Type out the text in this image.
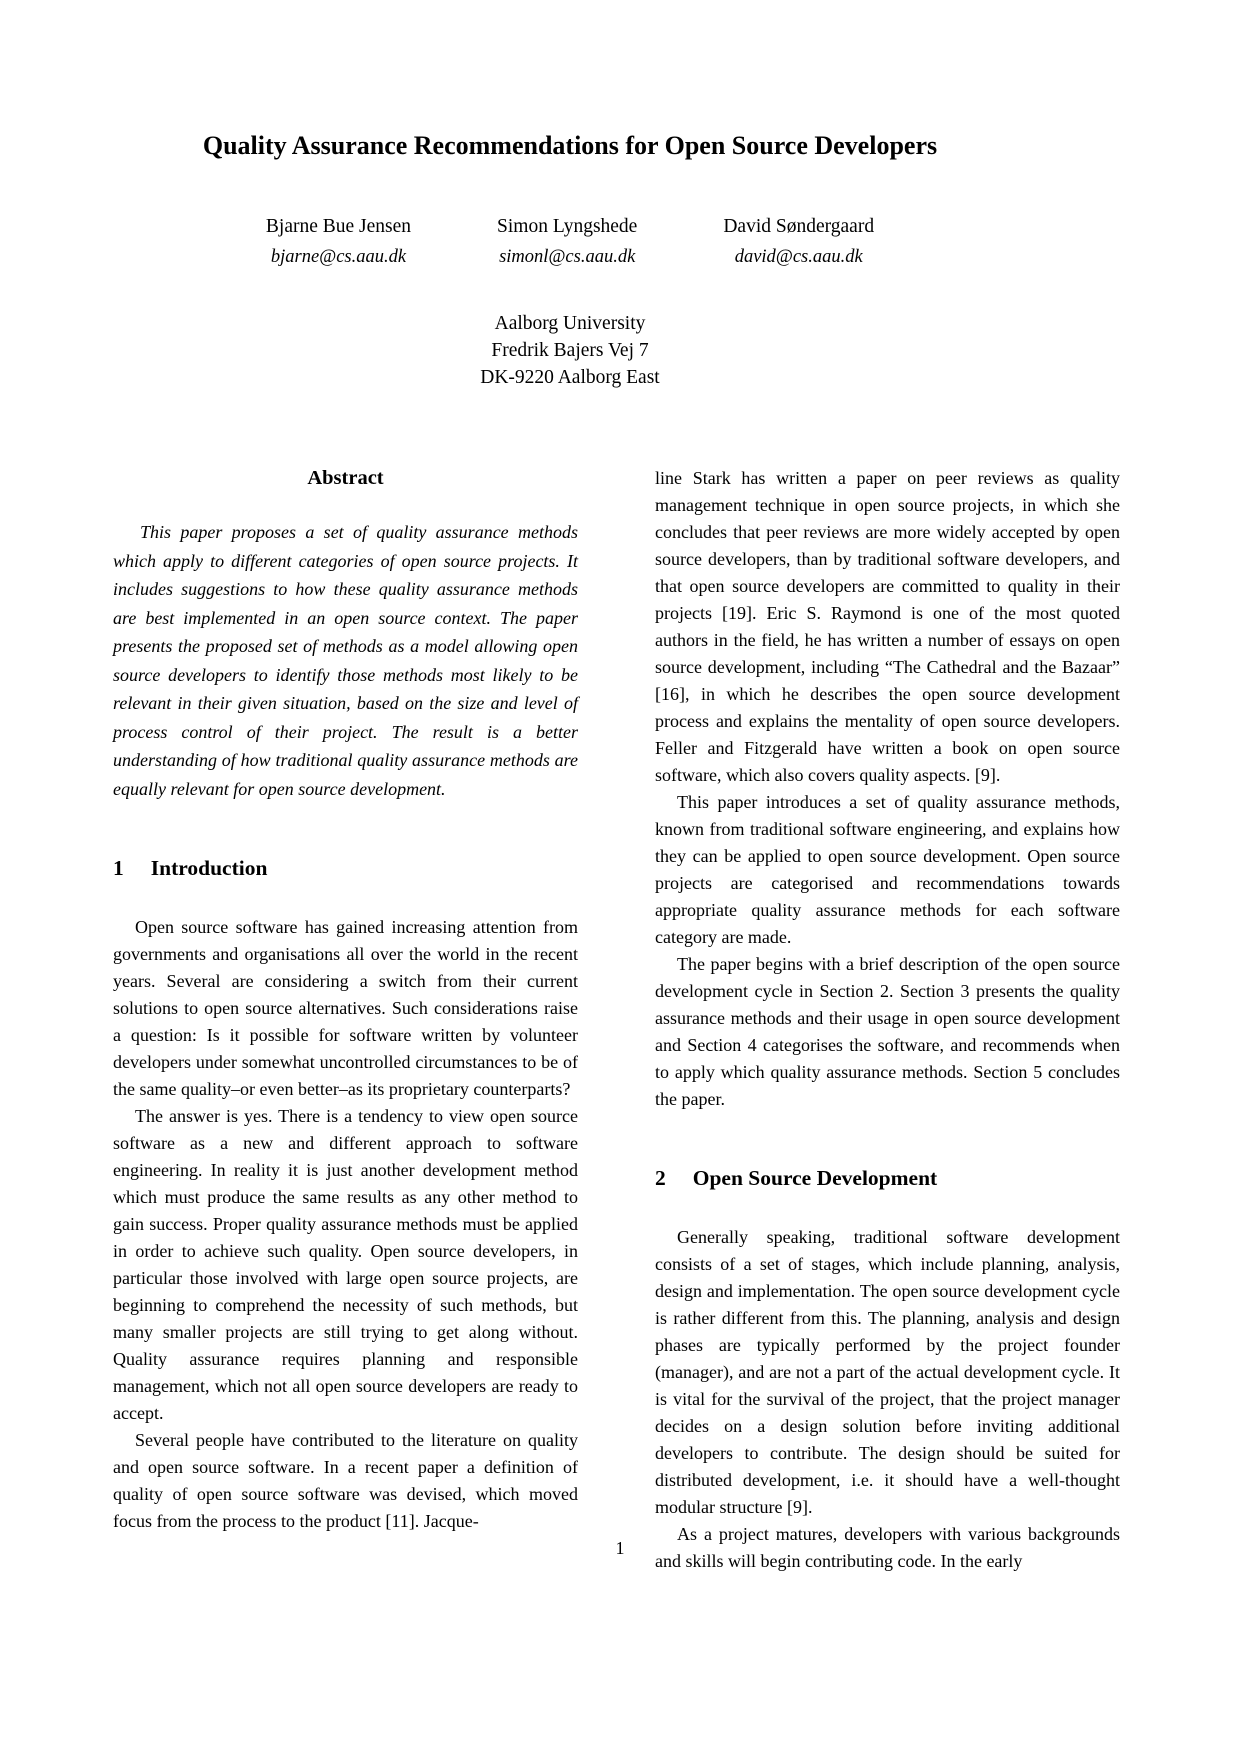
Quality Assurance Recommendations for Open Source Developers
Bjarne Bue Jensen
bjarne@cs.aau.dk
Simon Lyngshede
simonl@cs.aau.dk
David Søndergaard
david@cs.aau.dk
Aalborg University
Fredrik Bajers Vej 7
DK-9220 Aalborg East
Abstract

This paper proposes a set of quality assurance methods which apply to different categories of open source projects. It includes suggestions to how these quality assurance methods are best implemented in an open source context. The paper presents the proposed set of methods as a model allowing open source developers to identify those methods most likely to be relevant in their given situation, based on the size and level of process control of their project. The result is a better understanding of how traditional quality assurance methods are equally relevant for open source development.

1 Introduction

Open source software has gained increasing attention from governments and organisations all over the world in the recent years. Several are considering a switch from their current solutions to open source alternatives. Such considerations raise a question: Is it possible for software written by volunteer developers under somewhat uncontrolled circumstances to be of the same quality–or even better–as its proprietary counterparts?

The answer is yes. There is a tendency to view open source software as a new and different approach to software engineering. In reality it is just another development method which must produce the same results as any other method to gain success. Proper quality assurance methods must be applied in order to achieve such quality. Open source developers, in particular those involved with large open source projects, are beginning to comprehend the necessity of such methods, but many smaller projects are still trying to get along without. Quality assurance requires planning and responsible management, which not all open source developers are ready to accept.

Several people have contributed to the literature on quality and open source software. In a recent paper a definition of quality of open source software was devised, which moved focus from the process to the product [11]. Jacque-

line Stark has written a paper on peer reviews as quality management technique in open source projects, in which she concludes that peer reviews are more widely accepted by open source developers, than by traditional software developers, and that open source developers are committed to quality in their projects [19]. Eric S. Raymond is one of the most quoted authors in the field, he has written a number of essays on open source development, including “The Cathedral and the Bazaar” [16], in which he describes the open source development process and explains the mentality of open source developers. Feller and Fitzgerald have written a book on open source software, which also covers quality aspects. [9].

This paper introduces a set of quality assurance methods, known from traditional software engineering, and explains how they can be applied to open source development. Open source projects are categorised and recommendations towards appropriate quality assurance methods for each software category are made.

The paper begins with a brief description of the open source development cycle in Section 2. Section 3 presents the quality assurance methods and their usage in open source development and Section 4 categorises the software, and recommends when to apply which quality assurance methods. Section 5 concludes the paper.

2 Open Source Development

Generally speaking, traditional software development consists of a set of stages, which include planning, analysis, design and implementation. The open source development cycle is rather different from this. The planning, analysis and design phases are typically performed by the project founder (manager), and are not a part of the actual development cycle. It is vital for the survival of the project, that the project manager decides on a design solution before inviting additional developers to contribute. The design should be suited for distributed development, i.e. it should have a well-thought modular structure [9].

As a project matures, developers with various backgrounds and skills will begin contributing code. In the early

1
